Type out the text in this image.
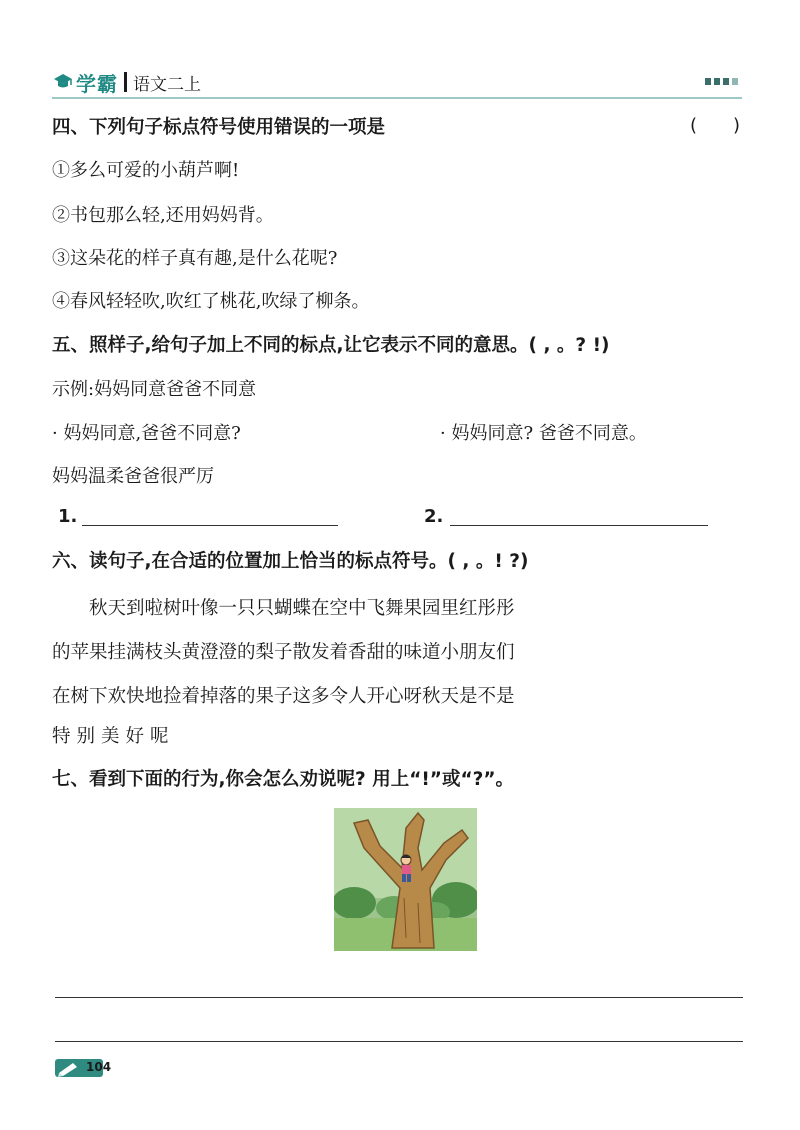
学霸 语文二上
四、下列句子标点符号使用错误的一项是	( )
①多么可爱的小葫芦啊!
②书包那么轻,还用妈妈背。
③这朵花的样子真有趣,是什么花呢?
④春风轻轻吹,吹红了桃花,吹绿了柳条。
五、照样子,给句子加上不同的标点,让它表示不同的意思。( , 。? !)
示例:妈妈同意爸爸不同意
· 妈妈同意,爸爸不同意?	· 妈妈同意? 爸爸不同意。
妈妈温柔爸爸很严厉
1.	2.
六、读句子,在合适的位置加上恰当的标点符号。( , 。! ?)
　　秋天到啦树叶像一只只蝴蝶在空中飞舞果园里红彤彤
的苹果挂满枝头黄澄澄的梨子散发着香甜的味道小朋友们
在树下欢快地捡着掉落的果子这多令人开心呀秋天是不是
特别美好呢
七、看到下面的行为,你会怎么劝说呢? 用上“!”或“?”。
104
